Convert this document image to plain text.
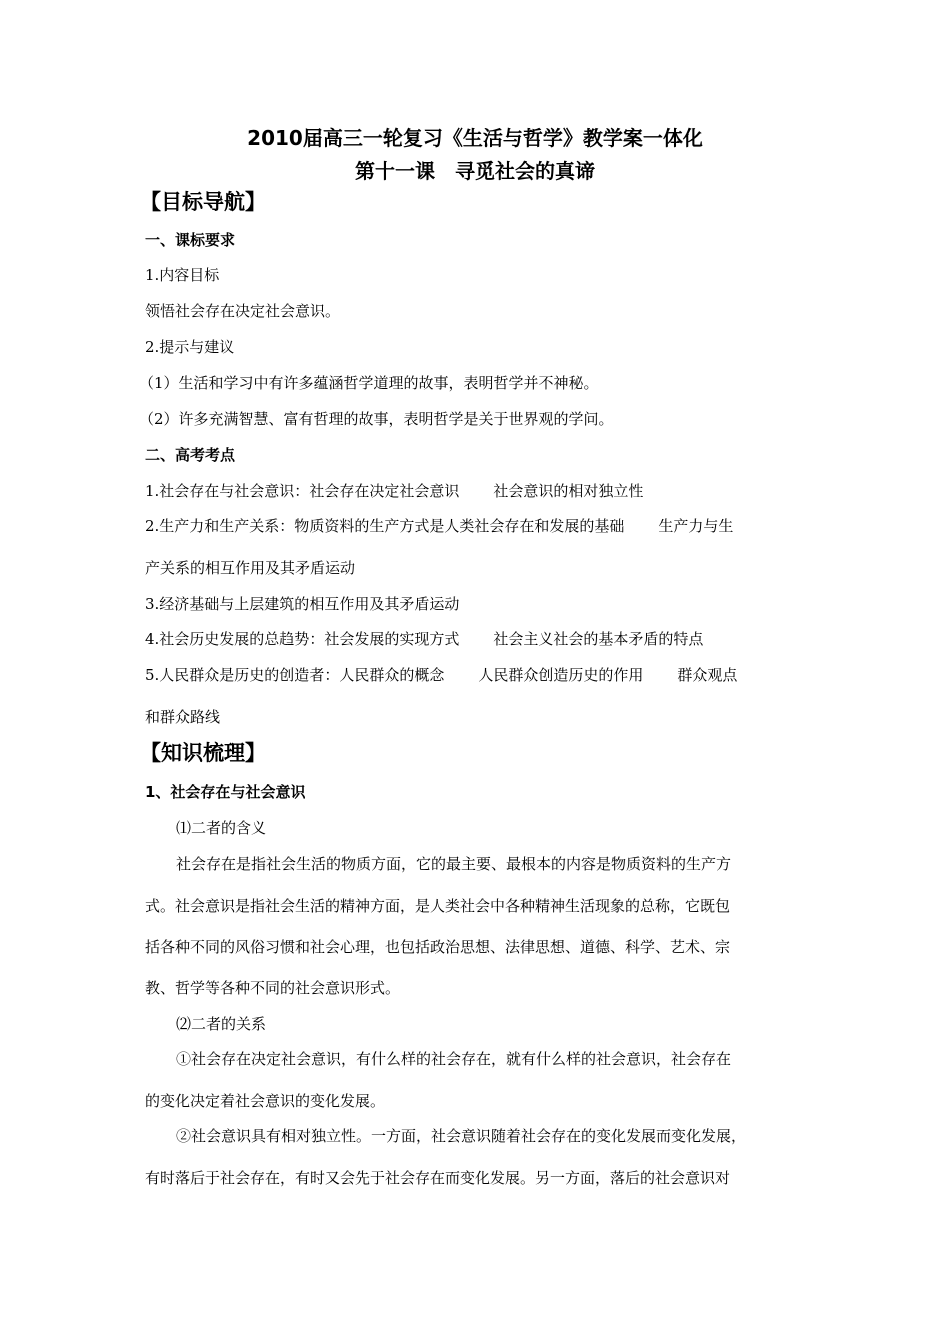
2010届高三一轮复习《生活与哲学》教学案一体化
第十一课　寻觅社会的真谛
【目标导航】
一、课标要求
1.内容目标
领悟社会存在决定社会意识。
2.提示与建议
（1）生活和学习中有许多蕴涵哲学道理的故事，表明哲学并不神秘。
（2）许多充满智慧、富有哲理的故事，表明哲学是关于世界观的学问。
二、高考考点
1.社会存在与社会意识：社会存在决定社会意识 社会意识的相对独立性
2.生产力和生产关系：物质资料的生产方式是人类社会存在和发展的基础 生产力与生
产关系的相互作用及其矛盾运动
3.经济基础与上层建筑的相互作用及其矛盾运动
4.社会历史发展的总趋势：社会发展的实现方式 社会主义社会的基本矛盾的特点
5.人民群众是历史的创造者：人民群众的概念 人民群众创造历史的作用 群众观点
和群众路线
【知识梳理】
1、社会存在与社会意识
⑴二者的含义
社会存在是指社会生活的物质方面，它的最主要、最根本的内容是物质资料的生产方
式。社会意识是指社会生活的精神方面，是人类社会中各种精神生活现象的总称，它既包
括各种不同的风俗习惯和社会心理，也包括政治思想、法律思想、道德、科学、艺术、宗
教、哲学等各种不同的社会意识形式。
⑵二者的关系
①社会存在决定社会意识，有什么样的社会存在，就有什么样的社会意识，社会存在
的变化决定着社会意识的变化发展。
②社会意识具有相对独立性。一方面，社会意识随着社会存在的变化发展而变化发展，
有时落后于社会存在，有时又会先于社会存在而变化发展。另一方面，落后的社会意识对
